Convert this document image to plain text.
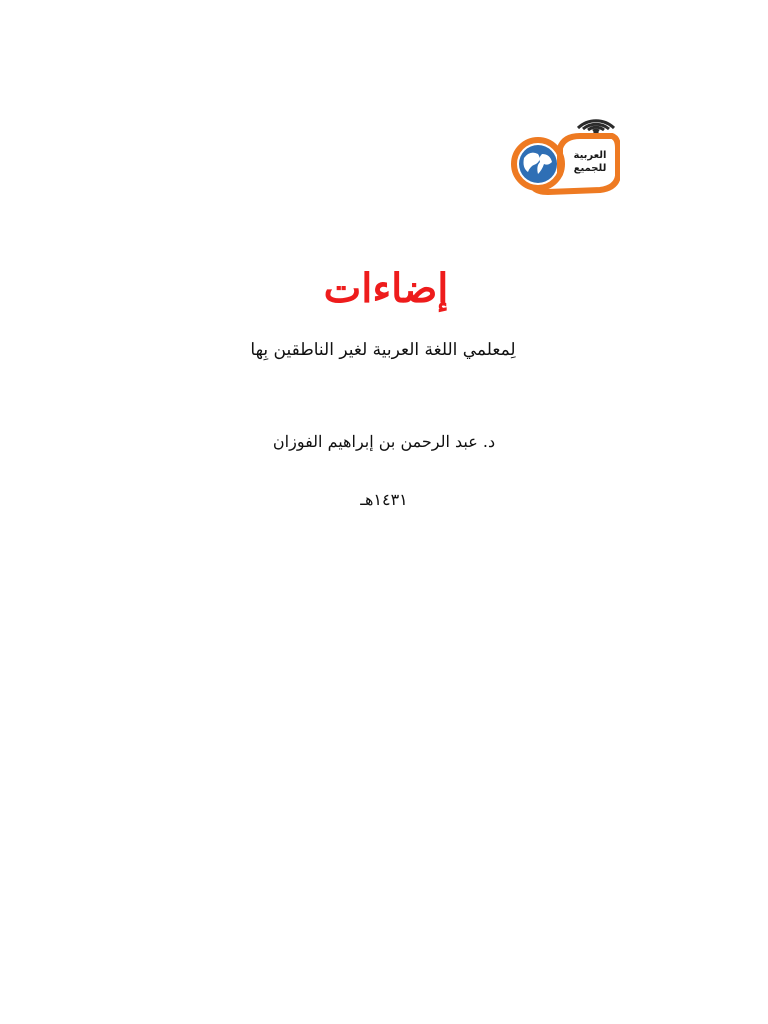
العربية
للجميع
إضاءات
لِمعلمي اللغة العربية لغير الناطقين بِها
د. عبد الرحمن بن إبراهيم الفوزان
١٤٣١هـ
